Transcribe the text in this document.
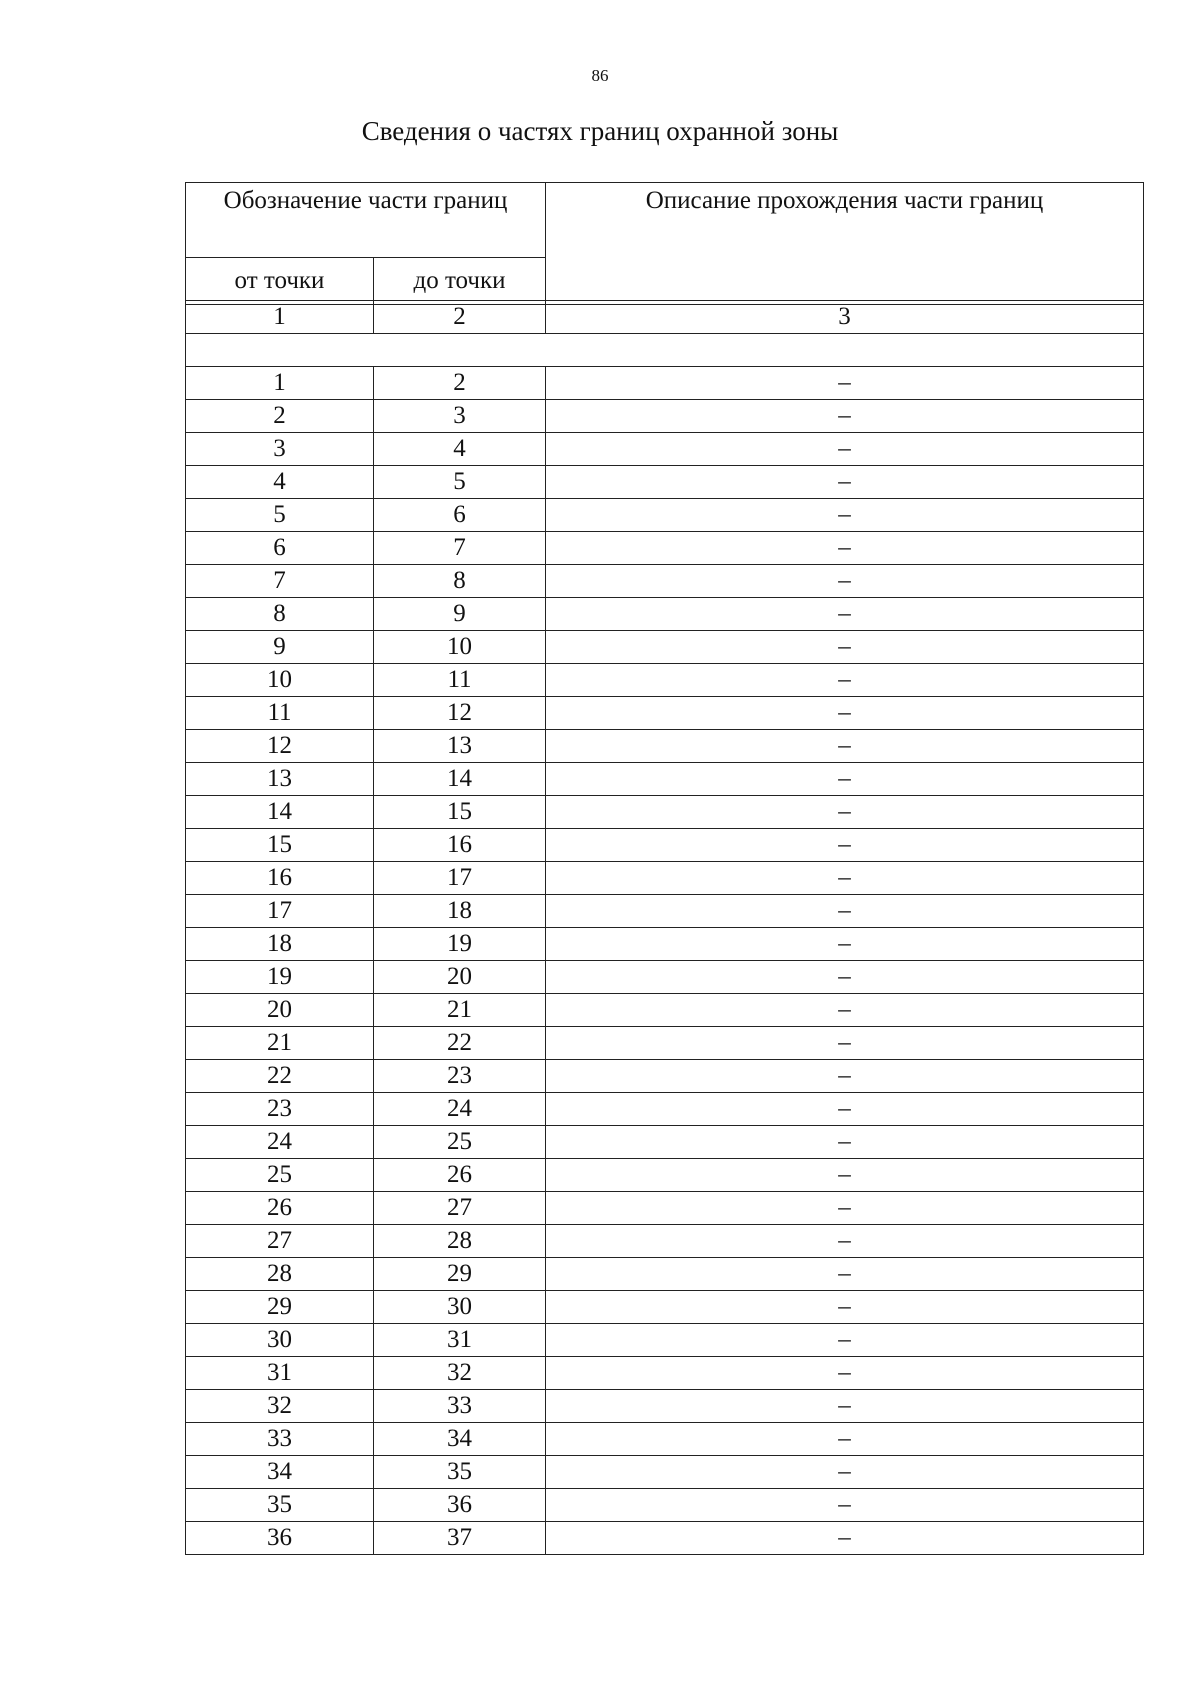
86
Сведения о частях границ охранной зоны
Обозначение части границ		Описание прохождения части границ
от точки	до точки	
1	2	3

1	2	–
2	3	–
3	4	–
4	5	–
5	6	–
6	7	–
7	8	–
8	9	–
9	10	–
10	11	–
11	12	–
12	13	–
13	14	–
14	15	–
15	16	–
16	17	–
17	18	–
18	19	–
19	20	–
20	21	–
21	22	–
22	23	–
23	24	–
24	25	–
25	26	–
26	27	–
27	28	–
28	29	–
29	30	–
30	31	–
31	32	–
32	33	–
33	34	–
34	35	–
35	36	–
36	37	–
